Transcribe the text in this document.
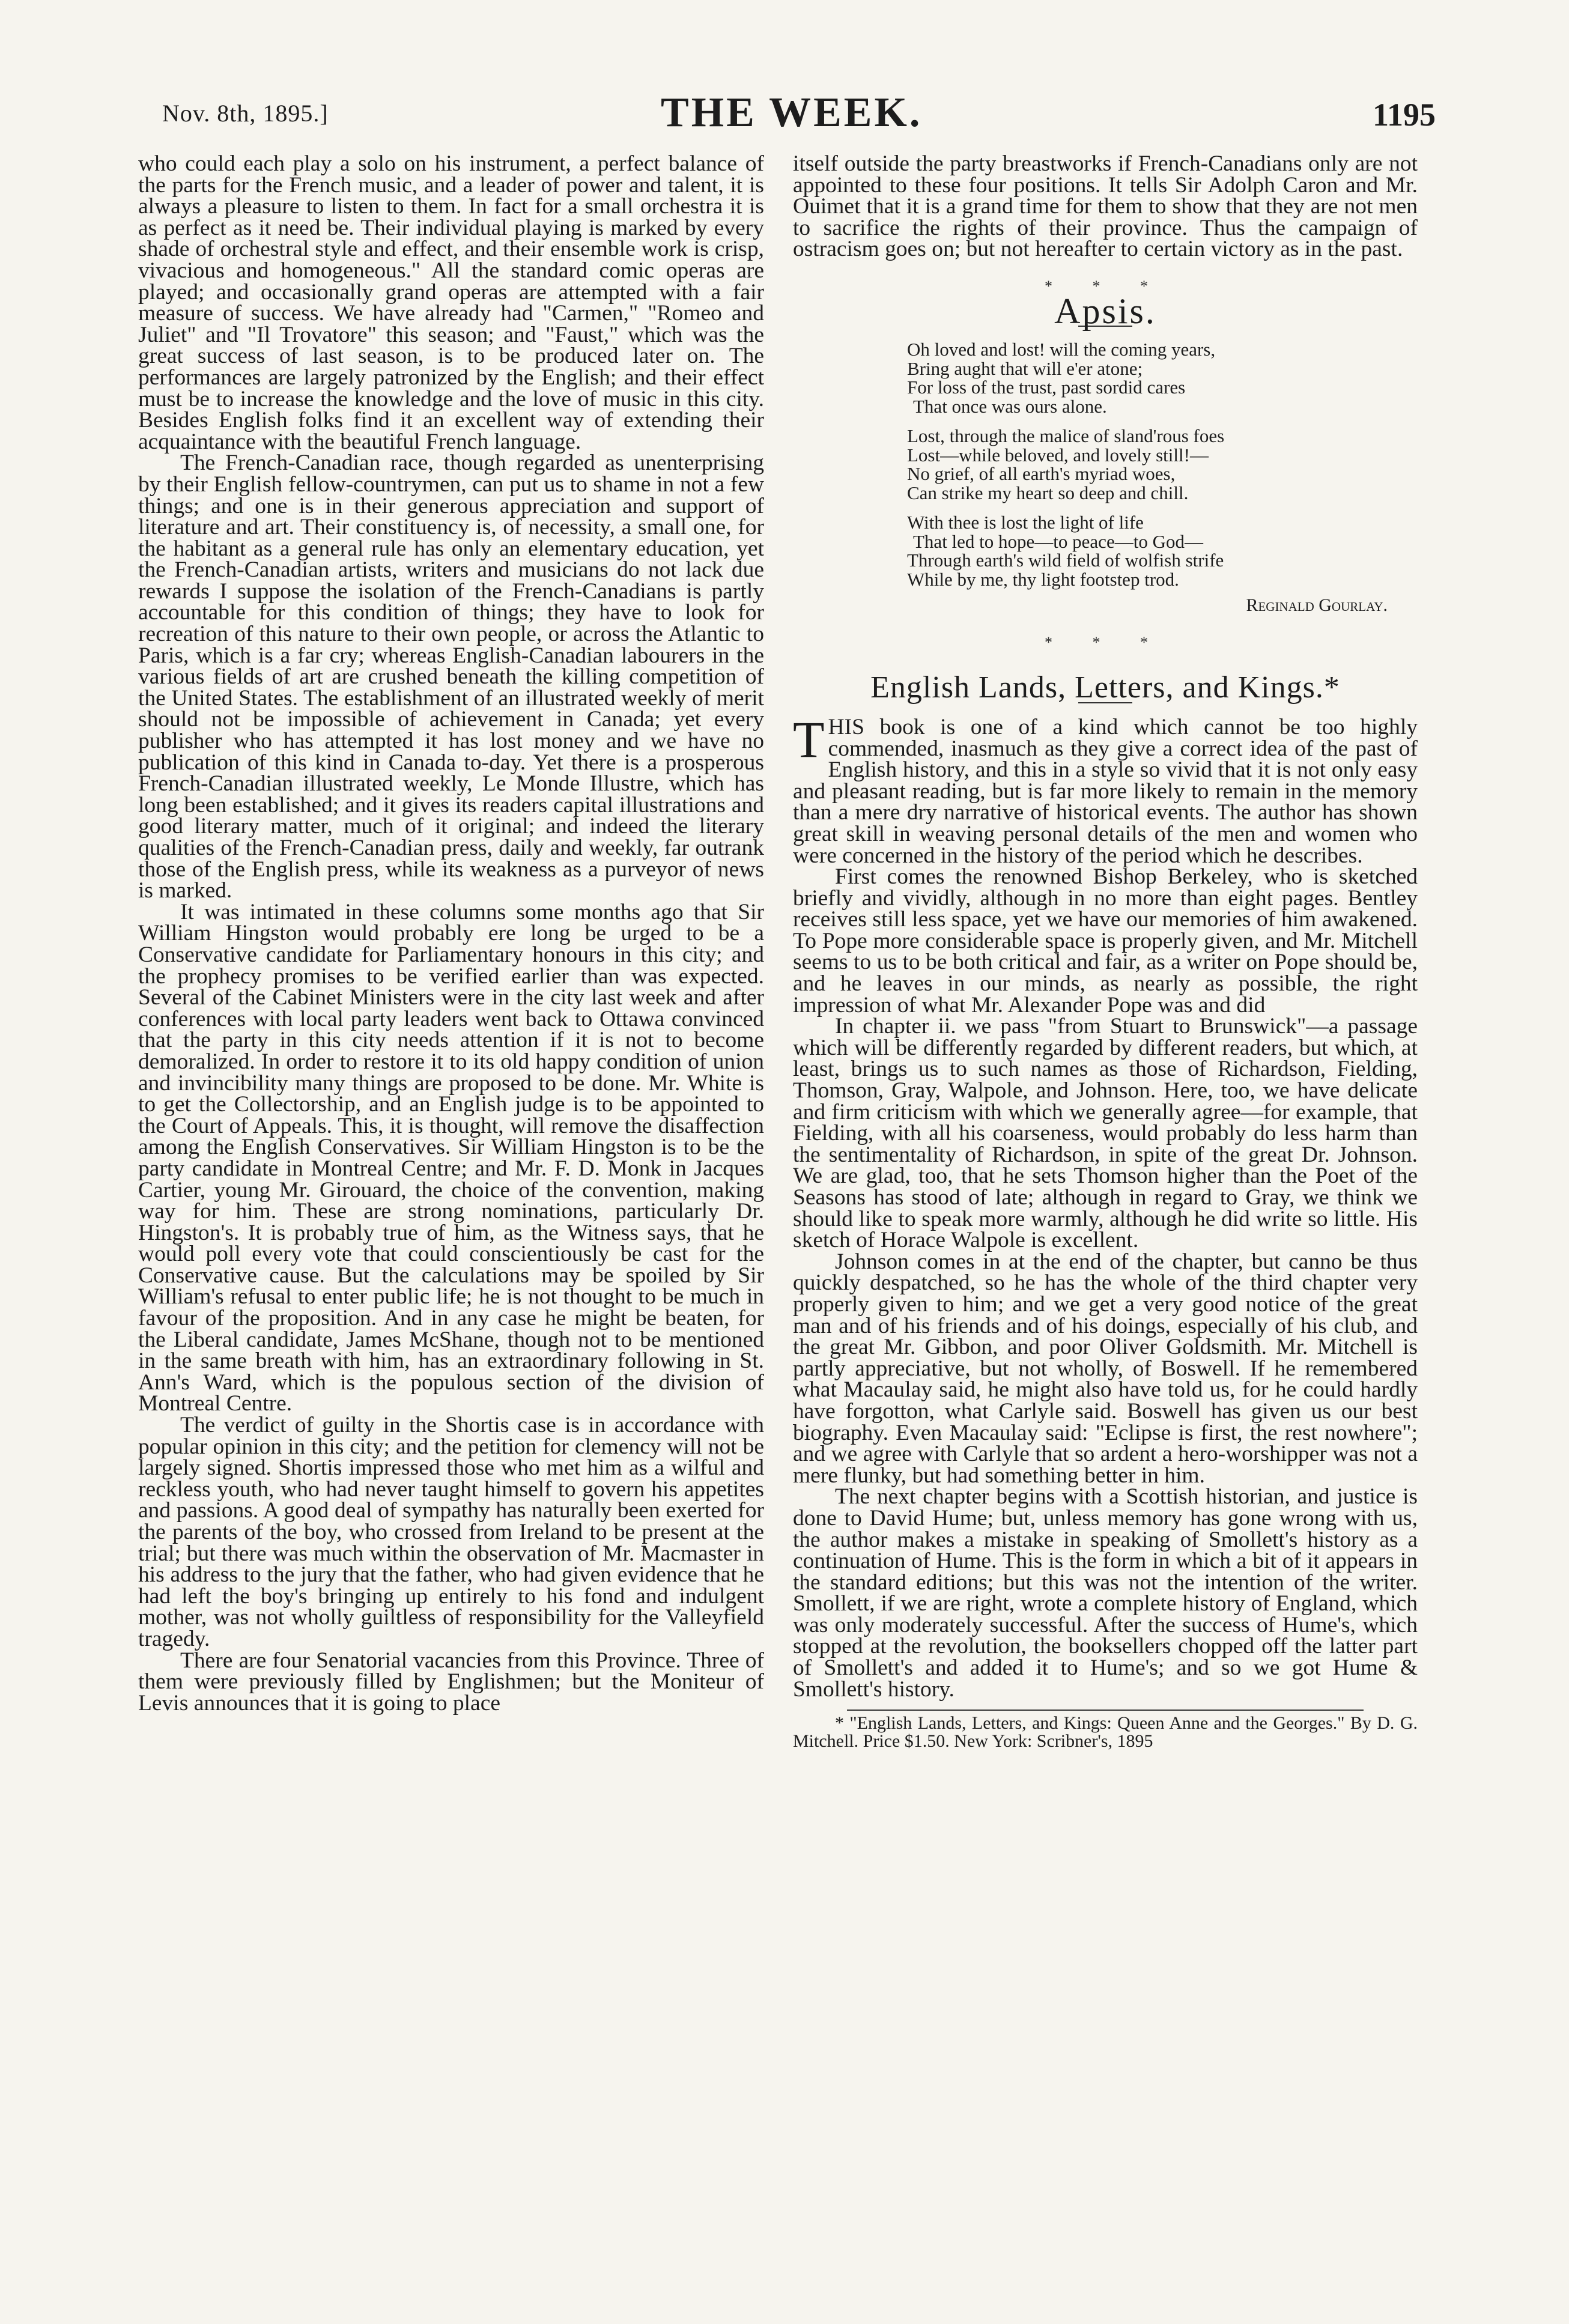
Nov. 8th, 1895.]	THE WEEK.	1195

who could each play a solo on his instrument, a perfect balance of the parts for the French music, and a leader of power and talent, it is always a pleasure to listen to them. In fact for a small orchestra it is as perfect as it need be. Their individual playing is marked by every shade of orchestral style and effect, and their ensemble work is crisp, vivacious and homogeneous." All the standard comic operas are played; and occasionally grand operas are attempted with a fair measure of success. We have already had "Carmen," "Romeo and Juliet" and "Il Trovatore" this season; and "Faust," which was the great success of last season, is to be produced later on. The performances are largely patronized by the English; and their effect must be to increase the knowledge and the love of music in this city. Besides English folks find it an excellent way of extending their acquaintance with the beautiful French language.

The French-Canadian race, though regarded as unenterprising by their English fellow-countrymen, can put us to shame in not a few things; and one is in their generous appreciation and support of literature and art. Their constituency is, of necessity, a small one, for the habitant as a general rule has only an elementary education, yet the French-Canadian artists, writers and musicians do not lack due rewards I suppose the isolation of the French-Canadians is partly accountable for this condition of things; they have to look for recreation of this nature to their own people, or across the Atlantic to Paris, which is a far cry; whereas English-Canadian labourers in the various fields of art are crushed beneath the killing competition of the United States. The establishment of an illustrated weekly of merit should not be impossible of achievement in Canada; yet every publisher who has attempted it has lost money and we have no publication of this kind in Canada to-day. Yet there is a prosperous French-Canadian illustrated weekly, Le Monde Illustre, which has long been established; and it gives its readers capital illustrations and good literary matter, much of it original; and indeed the literary qualities of the French-Canadian press, daily and weekly, far outrank those of the English press, while its weakness as a purveyor of news is marked.

It was intimated in these columns some months ago that Sir William Hingston would probably ere long be urged to be a Conservative candidate for Parliamentary honours in this city; and the prophecy promises to be verified earlier than was expected. Several of the Cabinet Ministers were in the city last week and after conferences with local party leaders went back to Ottawa convinced that the party in this city needs attention if it is not to become demoralized. In order to restore it to its old happy condition of union and invincibility many things are proposed to be done. Mr. White is to get the Collectorship, and an English judge is to be appointed to the Court of Appeals. This, it is thought, will remove the disaffection among the English Conservatives. Sir William Hingston is to be the party candidate in Montreal Centre; and Mr. F. D. Monk in Jacques Cartier, young Mr. Girouard, the choice of the convention, making way for him. These are strong nominations, particularly Dr. Hingston's. It is probably true of him, as the Witness says, that he would poll every vote that could conscientiously be cast for the Conservative cause. But the calculations may be spoiled by Sir William's refusal to enter public life; he is not thought to be much in favour of the proposition. And in any case he might be beaten, for the Liberal candidate, James McShane, though not to be mentioned in the same breath with him, has an extraordinary following in St. Ann's Ward, which is the populous section of the division of Montreal Centre.

The verdict of guilty in the Shortis case is in accordance with popular opinion in this city; and the petition for clemency will not be largely signed. Shortis impressed those who met him as a wilful and reckless youth, who had never taught himself to govern his appetites and passions. A good deal of sympathy has naturally been exerted for the parents of the boy, who crossed from Ireland to be present at the trial; but there was much within the observation of Mr. Macmaster in his address to the jury that the father, who had given evidence that he had left the boy's bringing up entirely to his fond and indulgent mother, was not wholly guiltless of responsibility for the Valleyfield tragedy.

There are four Senatorial vacancies from this Province. Three of them were previously filled by Englishmen; but the Moniteur of Levis announces that it is going to place

itself outside the party breastworks if French-Canadians only are not appointed to these four positions. It tells Sir Adolph Caron and Mr. Ouimet that it is a grand time for them to show that they are not men to sacrifice the rights of their province. Thus the campaign of ostracism goes on; but not hereafter to certain victory as in the past.

* * *
Apsis.
Oh loved and lost! will the coming years,
Bring aught that will e'er atone;
For loss of the trust, past sordid cares
That once was ours alone.
Lost, through the malice of sland'rous foes
Lost—while beloved, and lovely still!—
No grief, of all earth's myriad woes,
Can strike my heart so deep and chill.
With thee is lost the light of life
That led to hope—to peace—to God—
Through earth's wild field of wolfish strife
While by me, thy light footstep trod.
Reginald Gourlay.
* * *
English Lands, Letters, and Kings.*

THIS book is one of a kind which cannot be too highly commended, inasmuch as they give a correct idea of the past of English history, and this in a style so vivid that it is not only easy and pleasant reading, but is far more likely to remain in the memory than a mere dry narrative of historical events. The author has shown great skill in weaving personal details of the men and women who were concerned in the history of the period which he describes.

First comes the renowned Bishop Berkeley, who is sketched briefly and vividly, although in no more than eight pages. Bentley receives still less space, yet we have our memories of him awakened. To Pope more considerable space is properly given, and Mr. Mitchell seems to us to be both critical and fair, as a writer on Pope should be, and he leaves in our minds, as nearly as possible, the right impression of what Mr. Alexander Pope was and did

In chapter ii. we pass "from Stuart to Brunswick"—a passage which will be differently regarded by different readers, but which, at least, brings us to such names as those of Richardson, Fielding, Thomson, Gray, Walpole, and Johnson. Here, too, we have delicate and firm criticism with which we generally agree—for example, that Fielding, with all his coarseness, would probably do less harm than the sentimentality of Richardson, in spite of the great Dr. Johnson. We are glad, too, that he sets Thomson higher than the Poet of the Seasons has stood of late; although in regard to Gray, we think we should like to speak more warmly, although he did write so little. His sketch of Horace Walpole is excellent.

Johnson comes in at the end of the chapter, but canno be thus quickly despatched, so he has the whole of the third chapter very properly given to him; and we get a very good notice of the great man and of his friends and of his doings, especially of his club, and the great Mr. Gibbon, and poor Oliver Goldsmith. Mr. Mitchell is partly appreciative, but not wholly, of Boswell. If he remembered what Macaulay said, he might also have told us, for he could hardly have forgotton, what Carlyle said. Boswell has given us our best biography. Even Macaulay said: "Eclipse is first, the rest nowhere"; and we agree with Carlyle that so ardent a hero-worshipper was not a mere flunky, but had something better in him.

The next chapter begins with a Scottish historian, and justice is done to David Hume; but, unless memory has gone wrong with us, the author makes a mistake in speaking of Smollett's history as a continuation of Hume. This is the form in which a bit of it appears in the standard editions; but this was not the intention of the writer. Smollett, if we are right, wrote a complete history of England, which was only moderately successful. After the success of Hume's, which stopped at the revolution, the booksellers chopped off the latter part of Smollett's and added it to Hume's; and so we got Hume & Smollett's history.

* "English Lands, Letters, and Kings: Queen Anne and the Georges." By D. G. Mitchell. Price $1.50. New York: Scribner's, 1895
